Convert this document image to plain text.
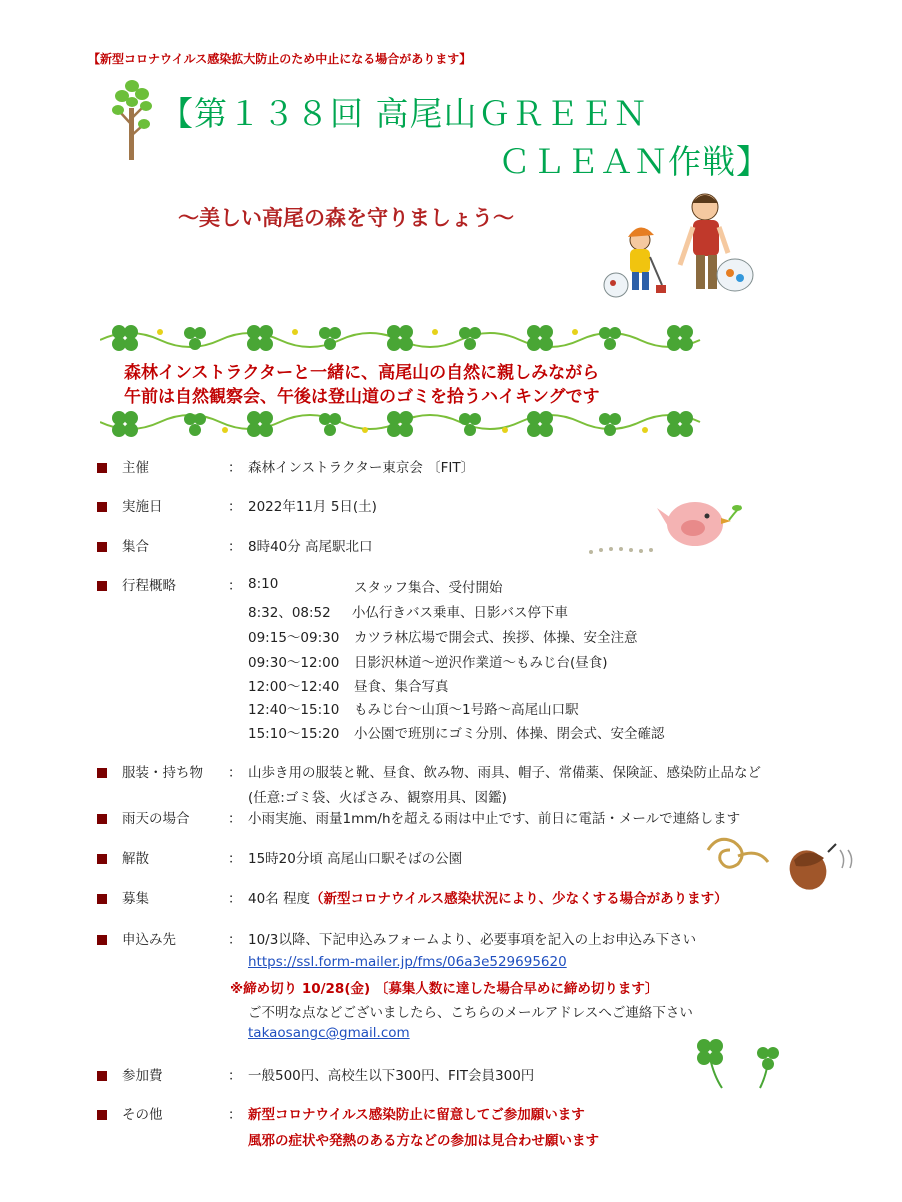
【新型コロナウイルス感染拡大防止のため中止になる場合があります】
【第１３８回 高尾山ＧＲＥＥＮ
ＣＬＥＡＮ作戦】
～美しい高尾の森を守りましょう～
森林インストラクターと一緒に、高尾山の自然に親しみながら
午前は自然観察会、午後は登山道のゴミを拾うハイキングです
主催	： 森林インストラクター東京会 〔FIT〕
実施日	： 2022年11月 5日(土)
集合	： 8時40分 高尾駅北口
行程概略	： 8:10	スタッフ集合、受付開始
8:32、08:52 小仏行きバス乗車、日影バス停下車
09:15～09:30 カツラ林広場で開会式、挨拶、体操、安全注意
09:30～12:00 日影沢林道～逆沢作業道～もみじ台(昼食)
12:00～12:40 昼食、集合写真
12:40～15:10 もみじ台～山頂～1号路～高尾山口駅
15:10～15:20 小公園で班別にゴミ分別、体操、閉会式、安全確認
服装・持ち物 ： 山歩き用の服装と靴、昼食、飲み物、雨具、帽子、常備薬、保険証、感染防止品など
(任意:ゴミ袋、火ばさみ、観察用具、図鑑)
雨天の場合	： 小雨実施、雨量1mm/hを超える雨は中止です、前日に電話・メールで連絡します
解散	： 15時20分頃 高尾山口駅そばの公園
募集	： 40名 程度（新型コロナウイルス感染状況により、少なくする場合があります）
申込み先	： 10/3以降、下記申込みフォームより、必要事項を記入の上お申込み下さい
https://ssl.form-mailer.jp/fms/06a3e529695620
※締め切り 10/28(金) 〔募集人数に達した場合早めに締め切ります〕
ご不明な点などございましたら、こちらのメールアドレスへご連絡下さい
takaosangc@gmail.com
参加費	： 一般500円、高校生以下300円、FIT会員300円
その他	： 新型コロナウイルス感染防止に留意してご参加願います
風邪の症状や発熱のある方などの参加は見合わせ願います
